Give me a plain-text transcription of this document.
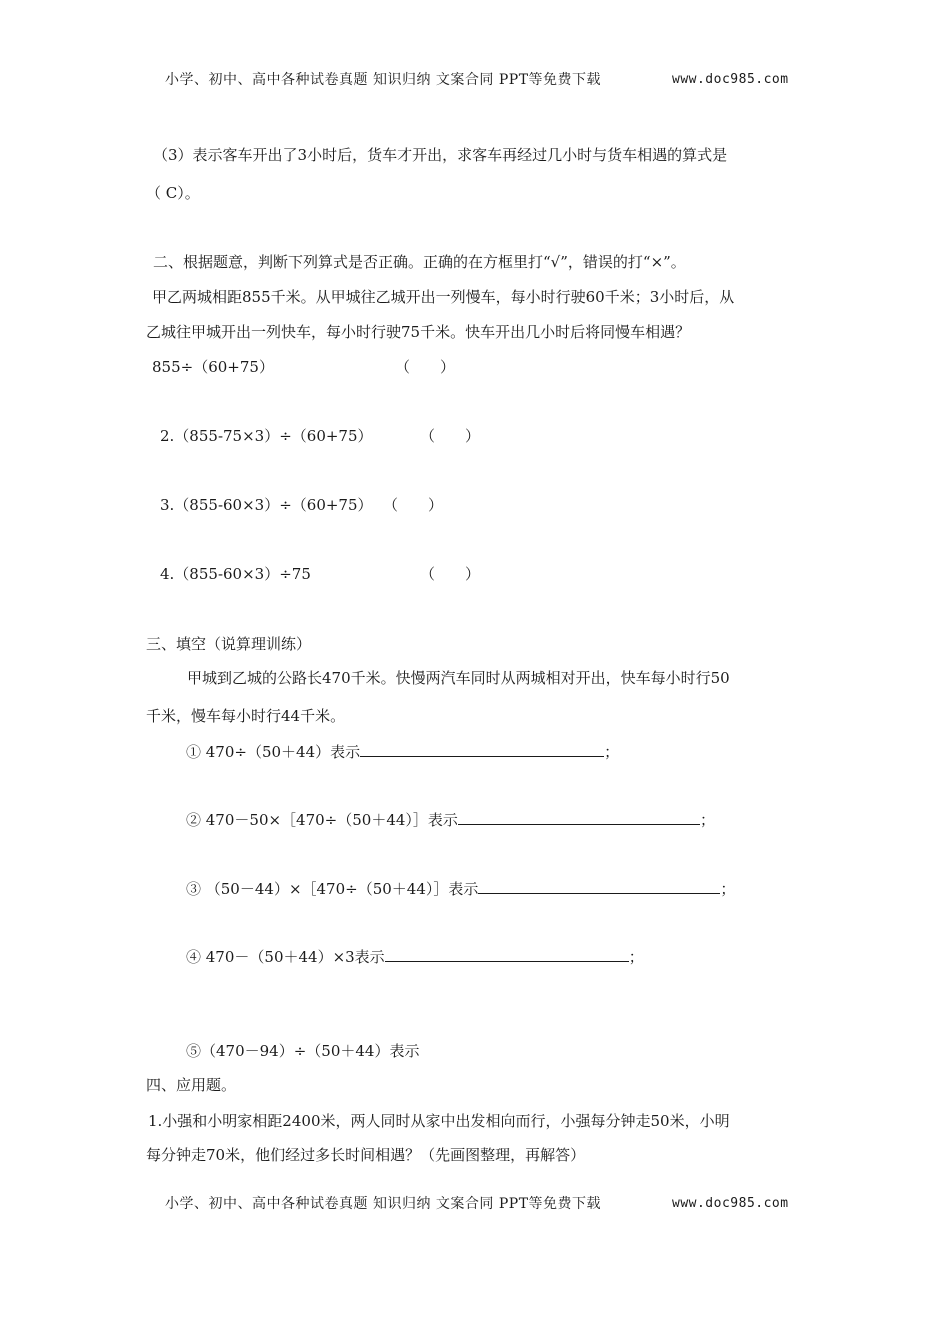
小学、初中、高中各种试卷真题 知识归纳 文案合同 PPT等免费下载	www.doc985.com
（3）表示客车开出了3小时后，货车才开出，求客车再经过几小时与货车相遇的算式是
（ C）。
二、根据题意，判断下列算式是否正确。正确的在方框里打“√”，错误的打“×”。
甲乙两城相距855千米。从甲城往乙城开出一列慢车，每小时行驶60千米；3小时后，从
乙城往甲城开出一列快车，每小时行驶75千米。快车开出几小时后将同慢车相遇？
855÷（60+75）	（　　）
2.（855-75×3）÷（60+75）	（　　）
3.（855-60×3）÷（60+75） （　　）
4.（855-60×3）÷75	（　　）
三、填空（说算理训练）
甲城到乙城的公路长470千米。快慢两汽车同时从两城相对开出，快车每小时行50
千米，慢车每小时行44千米。
① 470÷（50＋44）表示	；
② 470－50×［470÷（50＋44）］表示	；
③ （50－44）×［470÷（50＋44）］表示	；
④ 470－（50＋44）×3表示	；
⑤（470－94）÷（50＋44）表示
四、应用题。
1.小强和小明家相距2400米，两人同时从家中出发相向而行，小强每分钟走50米，小明
每分钟走70米，他们经过多长时间相遇？（先画图整理，再解答）
小学、初中、高中各种试卷真题 知识归纳 文案合同 PPT等免费下载	www.doc985.com
